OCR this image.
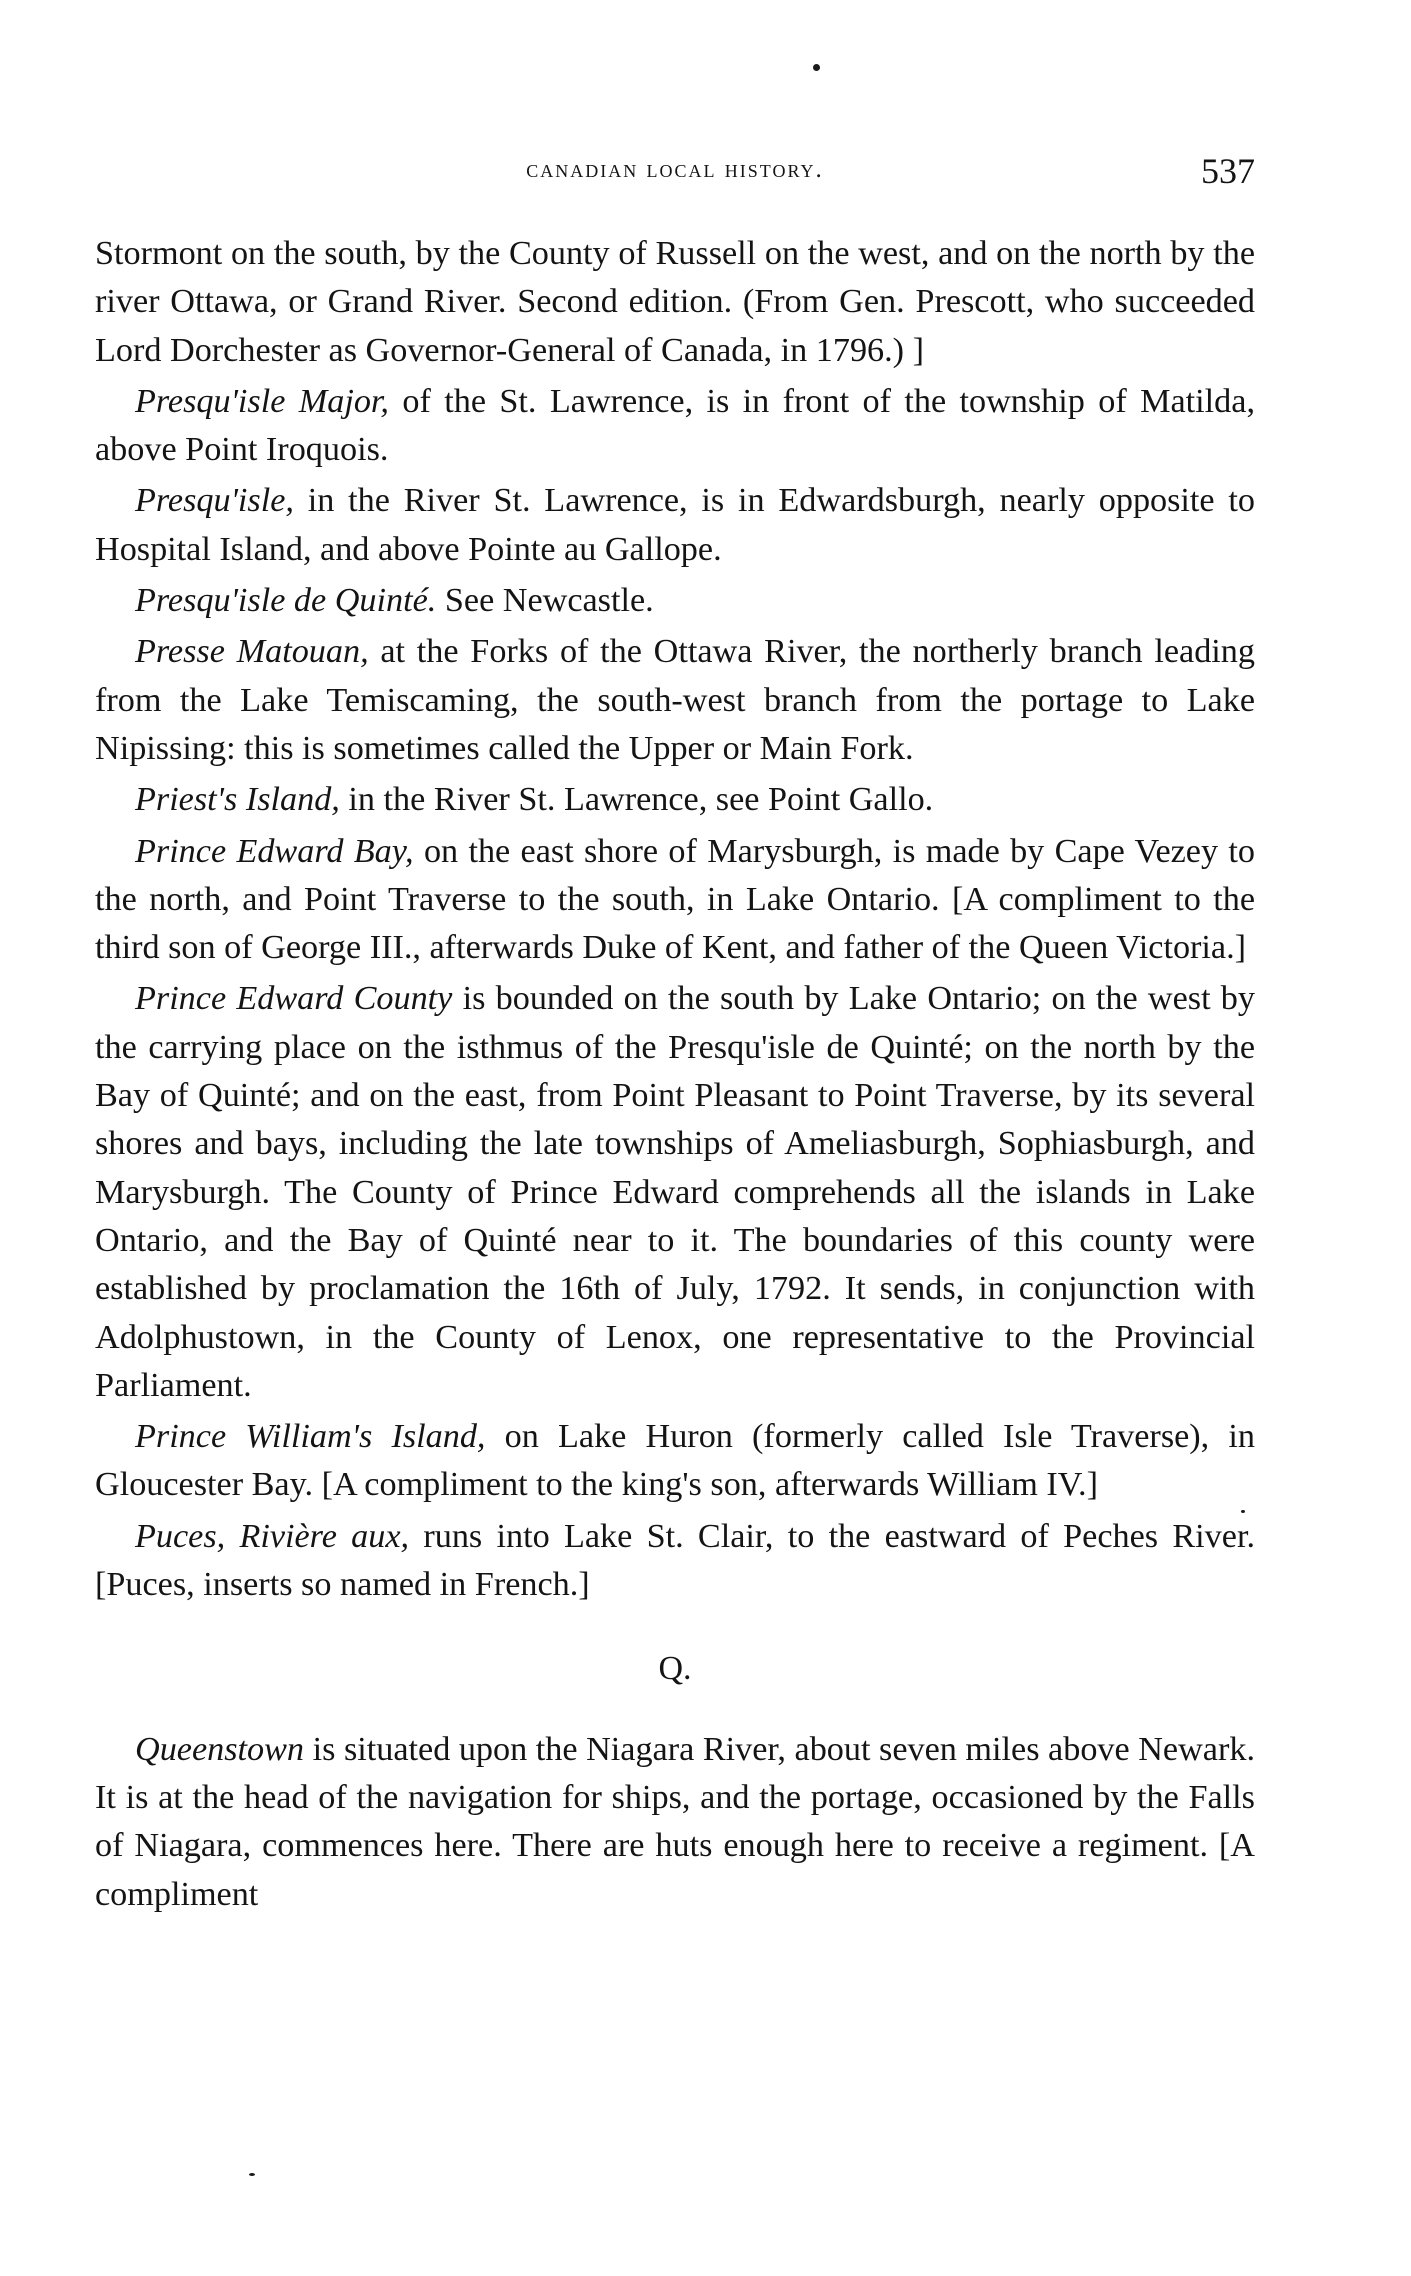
canadian local history.	537

Stormont on the south, by the County of Russell on the west, and on the north by the river Ottawa, or Grand River. Second edition. (From Gen. Prescott, who succeeded Lord Dorchester as Governor-General of Canada, in 1796.) ]

Presqu'isle Major, of the St. Lawrence, is in front of the township of Matilda, above Point Iroquois.

Presqu'isle, in the River St. Lawrence, is in Edwardsburgh, nearly opposite to Hospital Island, and above Pointe au Gallope.

Presqu'isle de Quinté. See Newcastle.

Presse Matouan, at the Forks of the Ottawa River, the northerly branch leading from the Lake Temiscaming, the south-west branch from the portage to Lake Nipissing: this is sometimes called the Upper or Main Fork.

Priest's Island, in the River St. Lawrence, see Point Gallo.

Prince Edward Bay, on the east shore of Marysburgh, is made by Cape Vezey to the north, and Point Traverse to the south, in Lake Ontario. [A compliment to the third son of George III., afterwards Duke of Kent, and father of the Queen Victoria.]

Prince Edward County is bounded on the south by Lake Ontario; on the west by the carrying place on the isthmus of the Presqu'isle de Quinté; on the north by the Bay of Quinté; and on the east, from Point Pleasant to Point Traverse, by its several shores and bays, including the late townships of Ameliasburgh, Sophiasburgh, and Marysburgh. The County of Prince Edward comprehends all the islands in Lake Ontario, and the Bay of Quinté near to it. The boundaries of this county were established by proclamation the 16th of July, 1792. It sends, in conjunction with Adolphustown, in the County of Lenox, one representative to the Provincial Parliament.

Prince William's Island, on Lake Huron (formerly called Isle Traverse), in Gloucester Bay. [A compliment to the king's son, afterwards William IV.]

Puces, Rivière aux, runs into Lake St. Clair, to the eastward of Peches River. [Puces, inserts so named in French.]

Q.

Queenstown is situated upon the Niagara River, about seven miles above Newark. It is at the head of the navigation for ships, and the portage, occasioned by the Falls of Niagara, commences here. There are huts enough here to receive a regiment. [A compliment
